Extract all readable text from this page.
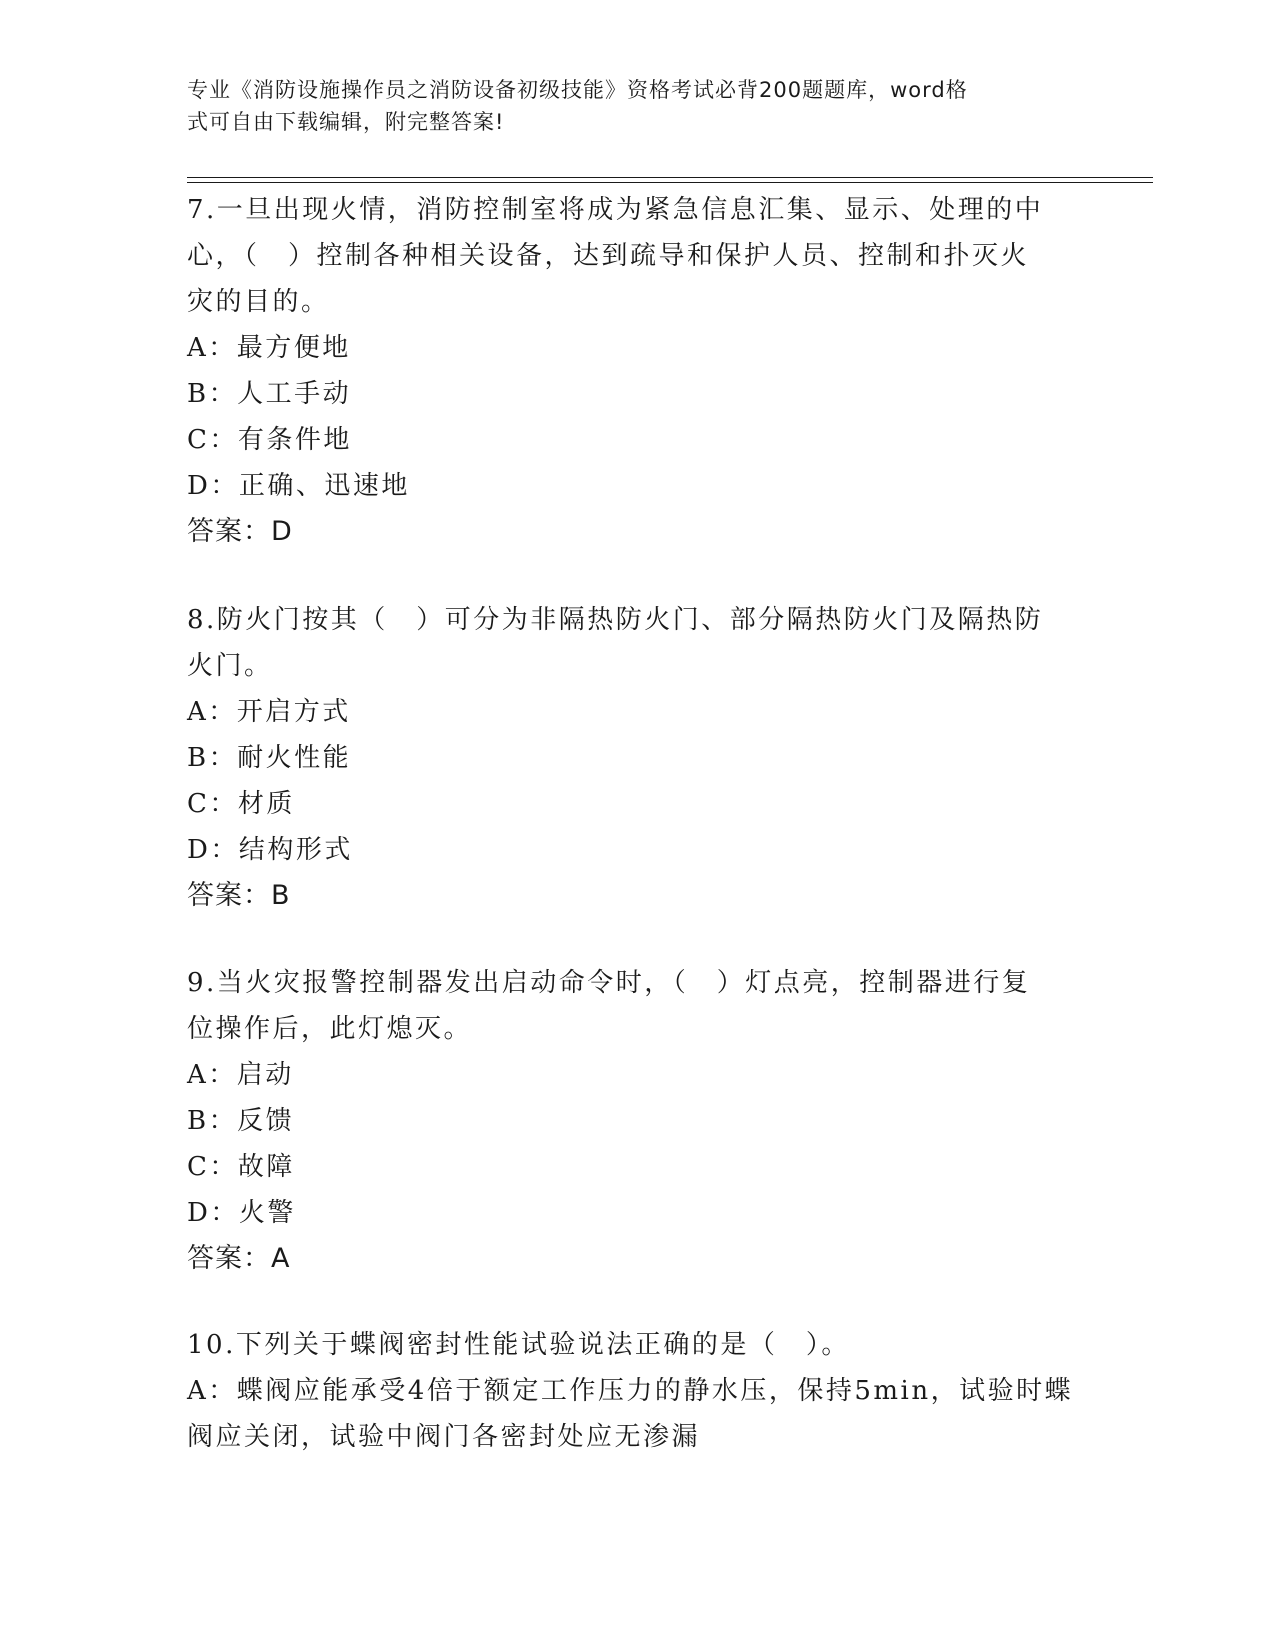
专业《消防设施操作员之消防设备初级技能》资格考试必背200题题库，word格
式可自由下载编辑，附完整答案!
7.一旦出现火情，消防控制室将成为紧急信息汇集、显示、处理的中
心，（　）控制各种相关设备，达到疏导和保护人员、控制和扑灭火
灾的目的。
A：最方便地
B：人工手动
C：有条件地
D：正确、迅速地
答案：D
8.防火门按其（　）可分为非隔热防火门、部分隔热防火门及隔热防
火门。
A：开启方式
B：耐火性能
C：材质
D：结构形式
答案：B
9.当火灾报警控制器发出启动命令时，（　）灯点亮，控制器进行复
位操作后，此灯熄灭。
A：启动
B：反馈
C：故障
D：火警
答案：A
10.下列关于蝶阀密封性能试验说法正确的是（　）。
A：蝶阀应能承受4倍于额定工作压力的静水压，保持5min，试验时蝶
阀应关闭，试验中阀门各密封处应无渗漏
